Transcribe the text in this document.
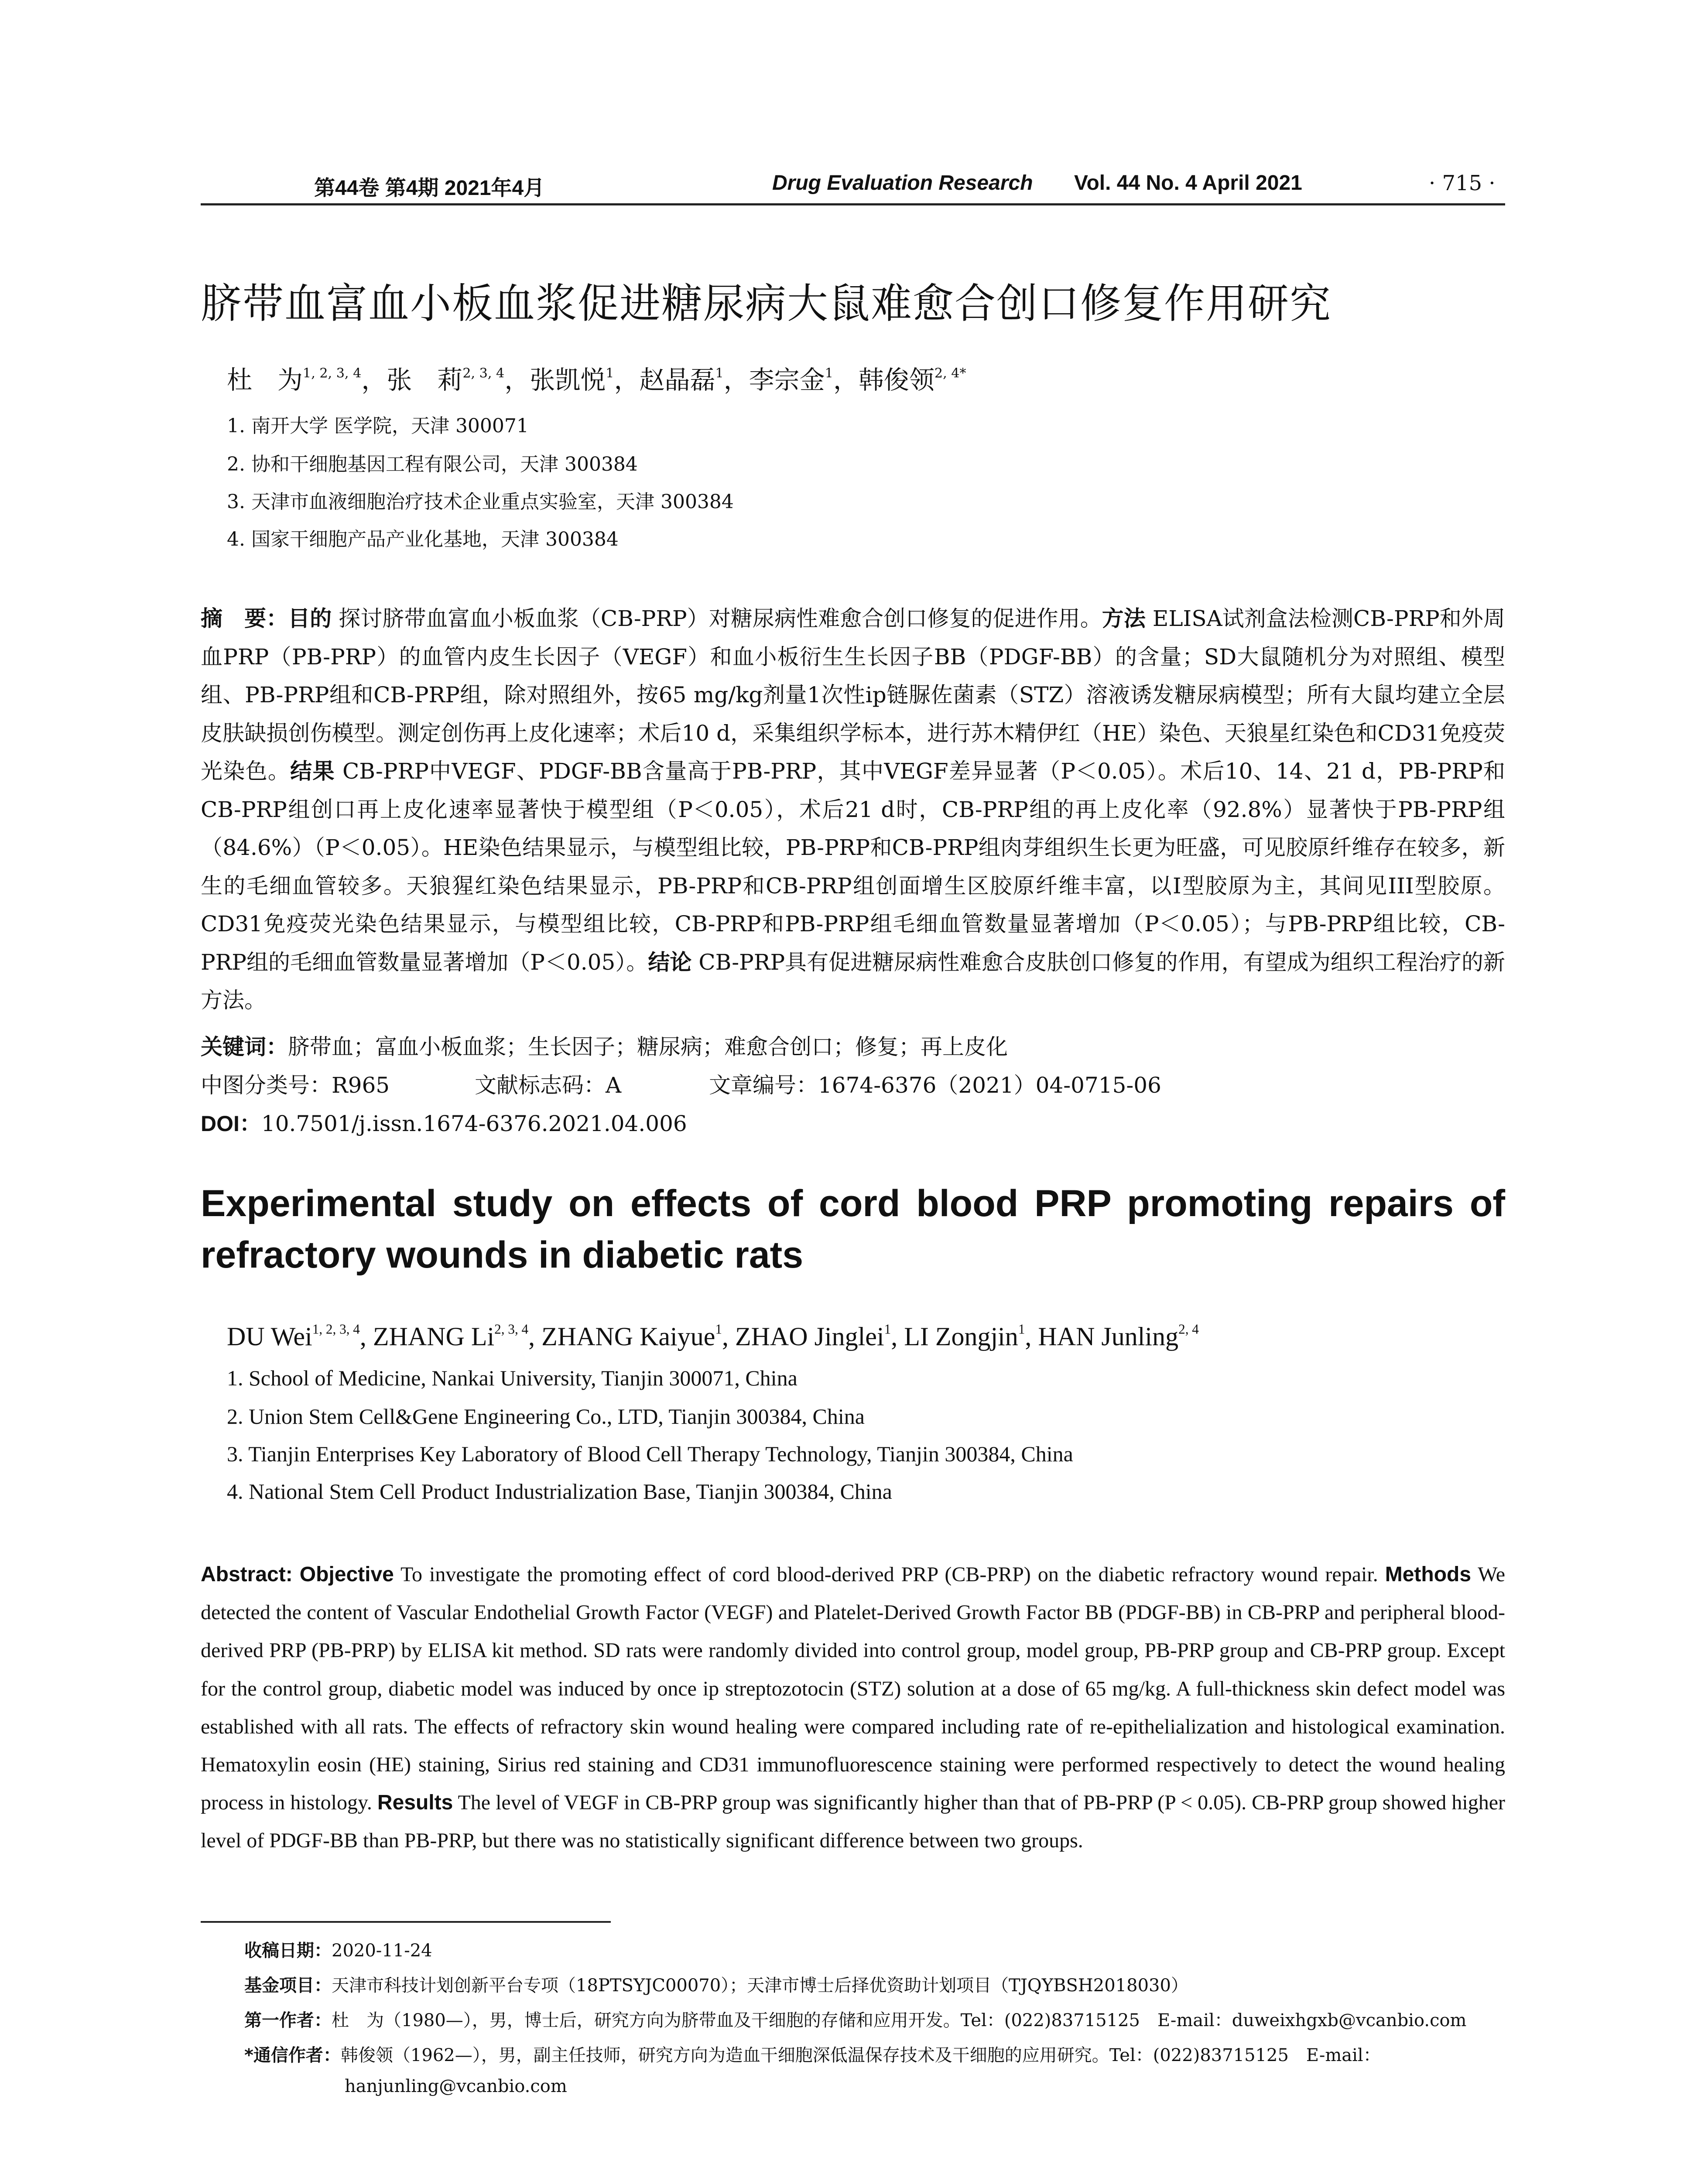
第44卷 第4期 2021年4月	Drug Evaluation Research Vol. 44 No. 4 April 2021	· 715 ·
脐带血富血小板血浆促进糖尿病大鼠难愈合创口修复作用研究
杜　为$^{1, 2, 3, 4}$，张　莉$^{2, 3, 4}$，张凯悦$^1$，赵晶磊$^1$，李宗金$^1$，韩俊领$^{2, 4*}$
1. 南开大学 医学院，天津 300071
2. 协和干细胞基因工程有限公司，天津 300384
3. 天津市血液细胞治疗技术企业重点实验室，天津 300384
4. 国家干细胞产品产业化基地，天津 300384
摘　要：目的 探讨脐带血富血小板血浆（CB-PRP）对糖尿病性难愈合创口修复的促进作用。方法 ELISA试剂盒法检测CB-PRP和外周血PRP（PB-PRP）的血管内皮生长因子（VEGF）和血小板衍生生长因子BB（PDGF-BB）的含量；SD大鼠随机分为对照组、模型组、PB-PRP组和CB-PRP组，除对照组外，按65 mg/kg剂量1次性ip链脲佐菌素（STZ）溶液诱发糖尿病模型；所有大鼠均建立全层皮肤缺损创伤模型。测定创伤再上皮化速率；术后10 d，采集组织学标本，进行苏木精伊红（HE）染色、天狼星红染色和CD31免疫荧光染色。结果 CB-PRP中VEGF、PDGF-BB含量高于PB-PRP，其中VEGF差异显著（P＜0.05）。术后10、14、21 d，PB-PRP和CB-PRP组创口再上皮化速率显著快于模型组（P＜0.05），术后21 d时，CB-PRP组的再上皮化率（92.8%）显著快于PB-PRP组（84.6%）（P＜0.05）。HE染色结果显示，与模型组比较，PB-PRP和CB-PRP组肉芽组织生长更为旺盛，可见胶原纤维存在较多，新生的毛细血管较多。天狼猩红染色结果显示，PB-PRP和CB-PRP组创面增生区胶原纤维丰富，以I型胶原为主，其间见III型胶原。CD31免疫荧光染色结果显示，与模型组比较，CB-PRP和PB-PRP组毛细血管数量显著增加（P＜0.05）；与PB-PRP组比较，CB-PRP组的毛细血管数量显著增加（P＜0.05）。结论 CB-PRP具有促进糖尿病性难愈合皮肤创口修复的作用，有望成为组织工程治疗的新方法。
关键词：脐带血；富血小板血浆；生长因子；糖尿病；难愈合创口；修复；再上皮化
中图分类号：R965	文献标志码：A	文章编号：1674-6376（2021）04-0715-06
DOI：10.7501/j.issn.1674-6376.2021.04.006
Experimental study on effects of cord blood PRP promoting repairs of refractory wounds in diabetic rats
DU Wei$^{1, 2, 3, 4}$, ZHANG Li$^{2, 3, 4}$, ZHANG Kaiyue$^1$, ZHAO Jinglei$^1$, LI Zongjin$^1$, HAN Junling$^{2, 4}$
1. School of Medicine, Nankai University, Tianjin 300071, China
2. Union Stem Cell&Gene Engineering Co., LTD, Tianjin 300384, China
3. Tianjin Enterprises Key Laboratory of Blood Cell Therapy Technology, Tianjin 300384, China
4. National Stem Cell Product Industrialization Base, Tianjin 300384, China
Abstract: Objective To investigate the promoting effect of cord blood-derived PRP (CB-PRP) on the diabetic refractory wound repair. Methods We detected the content of Vascular Endothelial Growth Factor (VEGF) and Platelet-Derived Growth Factor BB (PDGF-BB) in CB-PRP and peripheral blood-derived PRP (PB-PRP) by ELISA kit method. SD rats were randomly divided into control group, model group, PB-PRP group and CB-PRP group. Except for the control group, diabetic model was induced by once ip streptozotocin (STZ) solution at a dose of 65 mg/kg. A full-thickness skin defect model was established with all rats. The effects of refractory skin wound healing were compared including rate of re-epithelialization and histological examination. Hematoxylin eosin (HE) staining, Sirius red staining and CD31 immunofluorescence staining were performed respectively to detect the wound healing process in histology. Results The level of VEGF in CB-PRP group was significantly higher than that of PB-PRP (P < 0.05). CB-PRP group showed higher level of PDGF-BB than PB-PRP, but there was no statistically significant difference between two groups.
收稿日期：2020-11-24
基金项目：天津市科技计划创新平台专项（18PTSYJC00070）；天津市博士后择优资助计划项目（TJQYBSH2018030）
第一作者：杜　为（1980—），男，博士后，研究方向为脐带血及干细胞的存储和应用开发。Tel：(022)83715125　E-mail：duweixhgxb@vcanbio.com
*通信作者：韩俊领（1962—），男，副主任技师，研究方向为造血干细胞深低温保存技术及干细胞的应用研究。Tel：(022)83715125　E-mail：
hanjunling@vcanbio.com
